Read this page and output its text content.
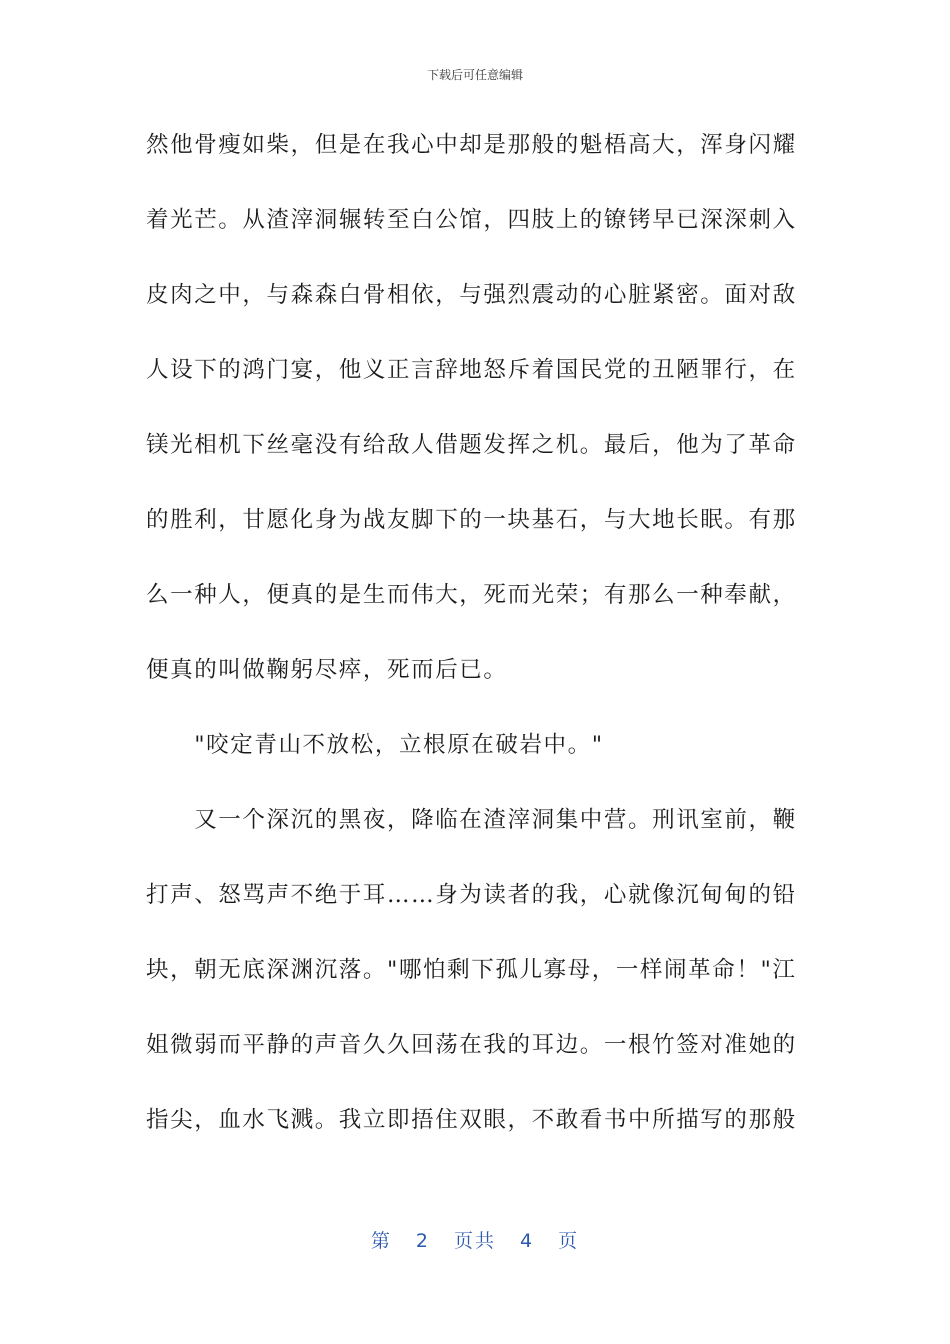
下载后可任意编辑
然他骨瘦如柴，但是在我心中却是那般的魁梧高大，浑身闪耀
着光芒。从渣滓洞辗转至白公馆，四肢上的镣铐早已深深刺入
皮肉之中，与森森白骨相依，与强烈震动的心脏紧密。面对敌
人设下的鸿门宴，他义正言辞地怒斥着国民党的丑陋罪行，在
镁光相机下丝毫没有给敌人借题发挥之机。最后，他为了革命
的胜利，甘愿化身为战友脚下的一块基石，与大地长眠。有那
么一种人，便真的是生而伟大，死而光荣；有那么一种奉献，
便真的叫做鞠躬尽瘁，死而后已。
　　"咬定青山不放松，立根原在破岩中。"
　　又一个深沉的黑夜，降临在渣滓洞集中营。刑讯室前，鞭
打声、怒骂声不绝于耳……身为读者的我，心就像沉甸甸的铅
块，朝无底深渊沉落。"哪怕剩下孤儿寡母，一样闹革命！"江
姐微弱而平静的声音久久回荡在我的耳边。一根竹签对准她的
指尖，血水飞溅。我立即捂住双眼，不敢看书中所描写的那般
第 2 页共 4 页
